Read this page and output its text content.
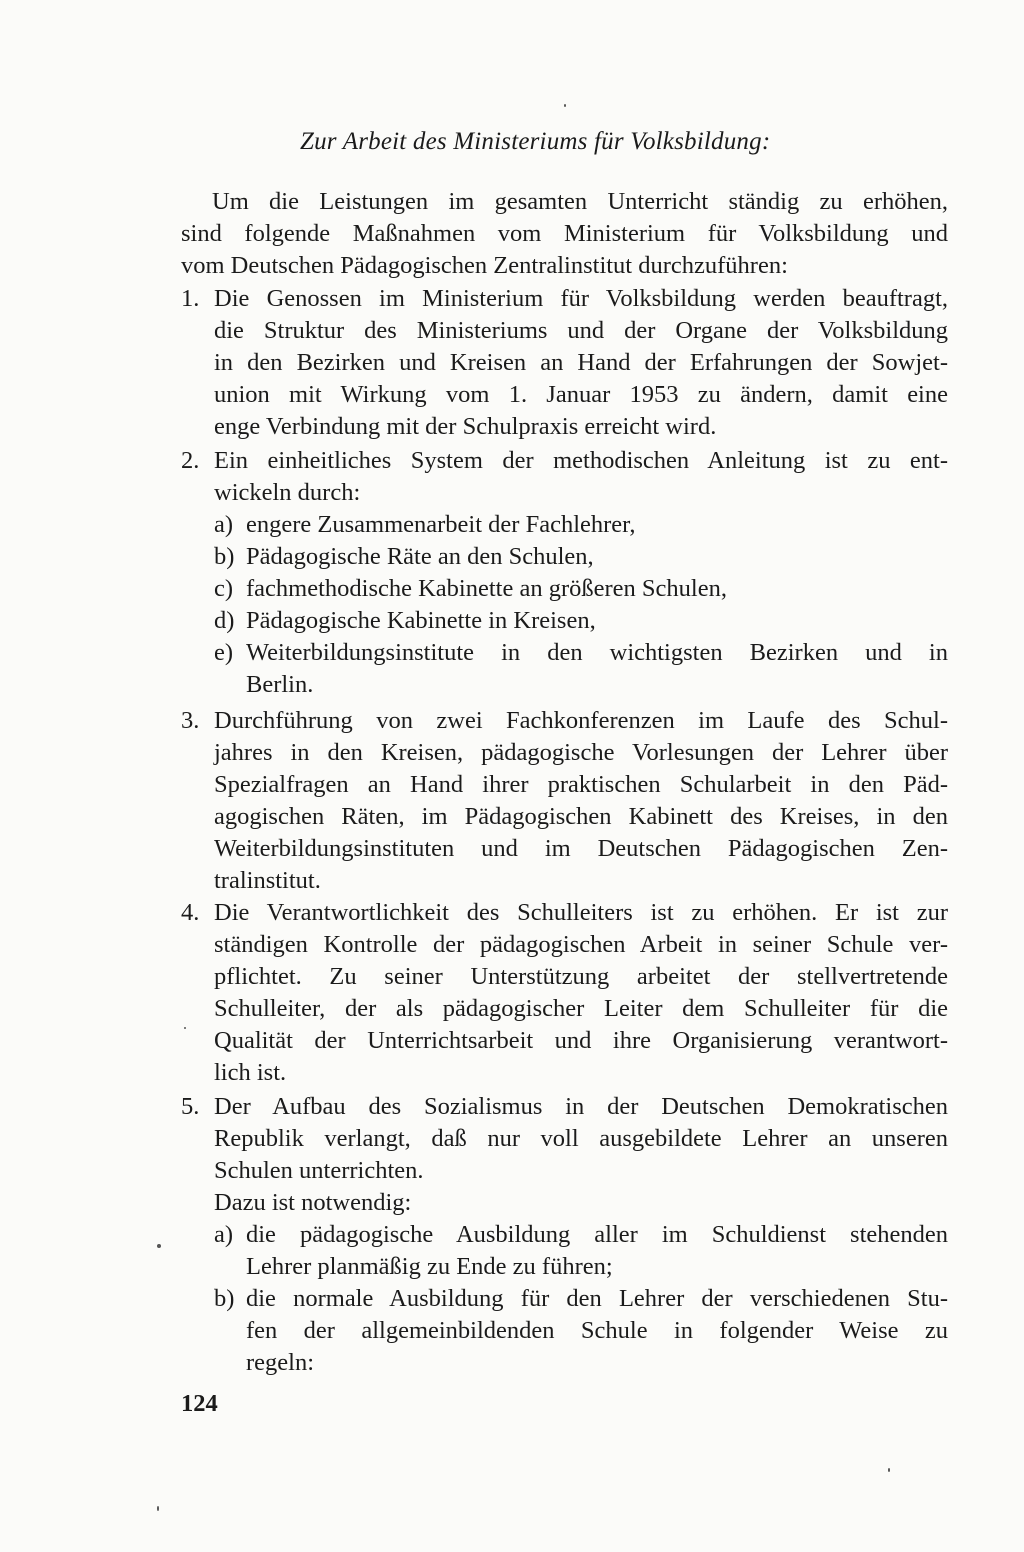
Zur Arbeit des Ministeriums für Volksbildung:
Um die Leistungen im gesamten Unterricht ständig zu erhöhen,
sind folgende Maßnahmen vom Ministerium für Volksbildung und
vom Deutschen Pädagogischen Zentralinstitut durchzuführen:
1. Die Genossen im Ministerium für Volksbildung werden beauftragt,
die Struktur des Ministeriums und der Organe der Volksbildung
in den Bezirken und Kreisen an Hand der Erfahrungen der Sowjet-
union mit Wirkung vom 1. Januar 1953 zu ändern, damit eine
enge Verbindung mit der Schulpraxis erreicht wird.
2. Ein einheitliches System der methodischen Anleitung ist zu ent-
wickeln durch:
a) engere Zusammenarbeit der Fachlehrer,
b) Pädagogische Räte an den Schulen,
c) fachmethodische Kabinette an größeren Schulen,
d) Pädagogische Kabinette in Kreisen,
e) Weiterbildungsinstitute in den wichtigsten Bezirken und in
Berlin.
3. Durchführung von zwei Fachkonferenzen im Laufe des Schul-
jahres in den Kreisen, pädagogische Vorlesungen der Lehrer über
Spezialfragen an Hand ihrer praktischen Schularbeit in den Päd-
agogischen Räten, im Pädagogischen Kabinett des Kreises, in den
Weiterbildungsinstituten und im Deutschen Pädagogischen Zen-
tralinstitut.
4. Die Verantwortlichkeit des Schulleiters ist zu erhöhen. Er ist zur
ständigen Kontrolle der pädagogischen Arbeit in seiner Schule ver-
pflichtet. Zu seiner Unterstützung arbeitet der stellvertretende
Schulleiter, der als pädagogischer Leiter dem Schulleiter für die
Qualität der Unterrichtsarbeit und ihre Organisierung verantwort-
lich ist.
5. Der Aufbau des Sozialismus in der Deutschen Demokratischen
Republik verlangt, daß nur voll ausgebildete Lehrer an unseren
Schulen unterrichten.
Dazu ist notwendig:
a) die pädagogische Ausbildung aller im Schuldienst stehenden
Lehrer planmäßig zu Ende zu führen;
b) die normale Ausbildung für den Lehrer der verschiedenen Stu-
fen der allgemeinbildenden Schule in folgender Weise zu
regeln:
124
